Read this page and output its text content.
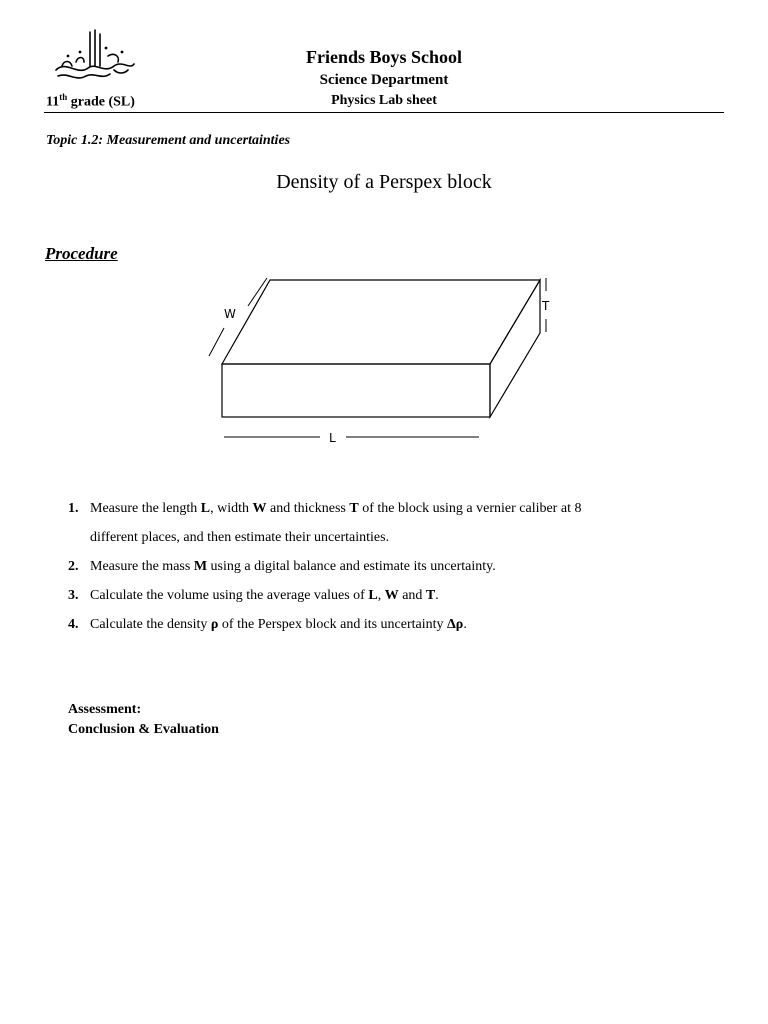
Friends Boys School
Science Department
11th grade (SL)	Physics Lab sheet
Topic 1.2: Measurement and uncertainties
Density of a Perspex block
Procedure
W
T
L
1. Measure the length L, width W and thickness T of the block using a vernier caliber at 8
different places, and then estimate their uncertainties.
2. Measure the mass M using a digital balance and estimate its uncertainty.
3. Calculate the volume using the average values of L, W and T.
4. Calculate the density ρ of the Perspex block and its uncertainty Δρ.
Assessment:
Conclusion & Evaluation
